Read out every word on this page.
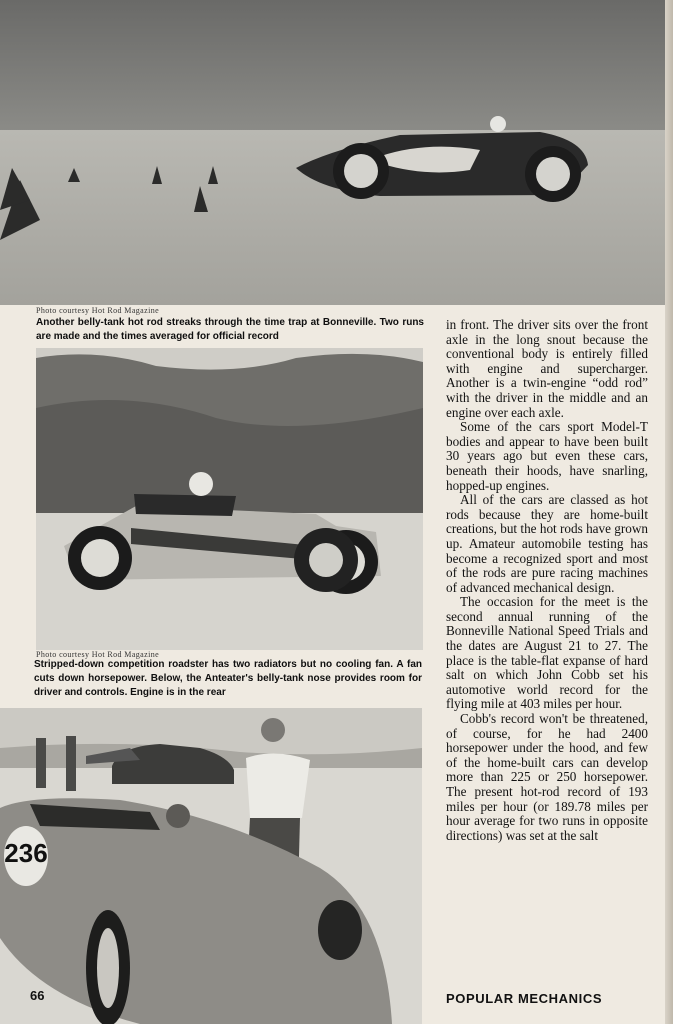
Photo courtesy Hot Rod Magazine

Another belly-tank hot rod streaks through the time trap at Bonneville. Two runs are made and the times averaged for official record

Photo courtesy Hot Rod Magazine

Stripped-down competition roadster has two radiators but no cooling fan. A fan cuts down horsepower. Below, the Anteater's belly-tank nose provides room for driver and controls. Engine is in the rear

236

in front. The driver sits over the front axle in the long snout because the conventional body is entirely filled with engine and supercharger. Another is a twin-engine “odd rod” with the driver in the middle and an engine over each axle.

Some of the cars sport Model-T bodies and appear to have been built 30 years ago but even these cars, beneath their hoods, have snarling, hopped-up engines.

All of the cars are classed as hot rods because they are home-built creations, but the hot rods have grown up. Amateur automobile testing has become a recognized sport and most of the rods are pure racing machines of advanced mechanical design.

The occasion for the meet is the second annual running of the Bonneville National Speed Trials and the dates are August 21 to 27. The place is the table-flat expanse of hard salt on which John Cobb set his automotive world record for the flying mile at 403 miles per hour.

Cobb's record won't be threatened, of course, for he had 2400 horsepower under the hood, and few of the home-built cars can develop more than 225 or 250 horsepower. The present hot-rod record of 193 miles per hour (or 189.78 miles per hour average for two runs in opposite directions) was set at the salt

66	POPULAR MECHANICS
